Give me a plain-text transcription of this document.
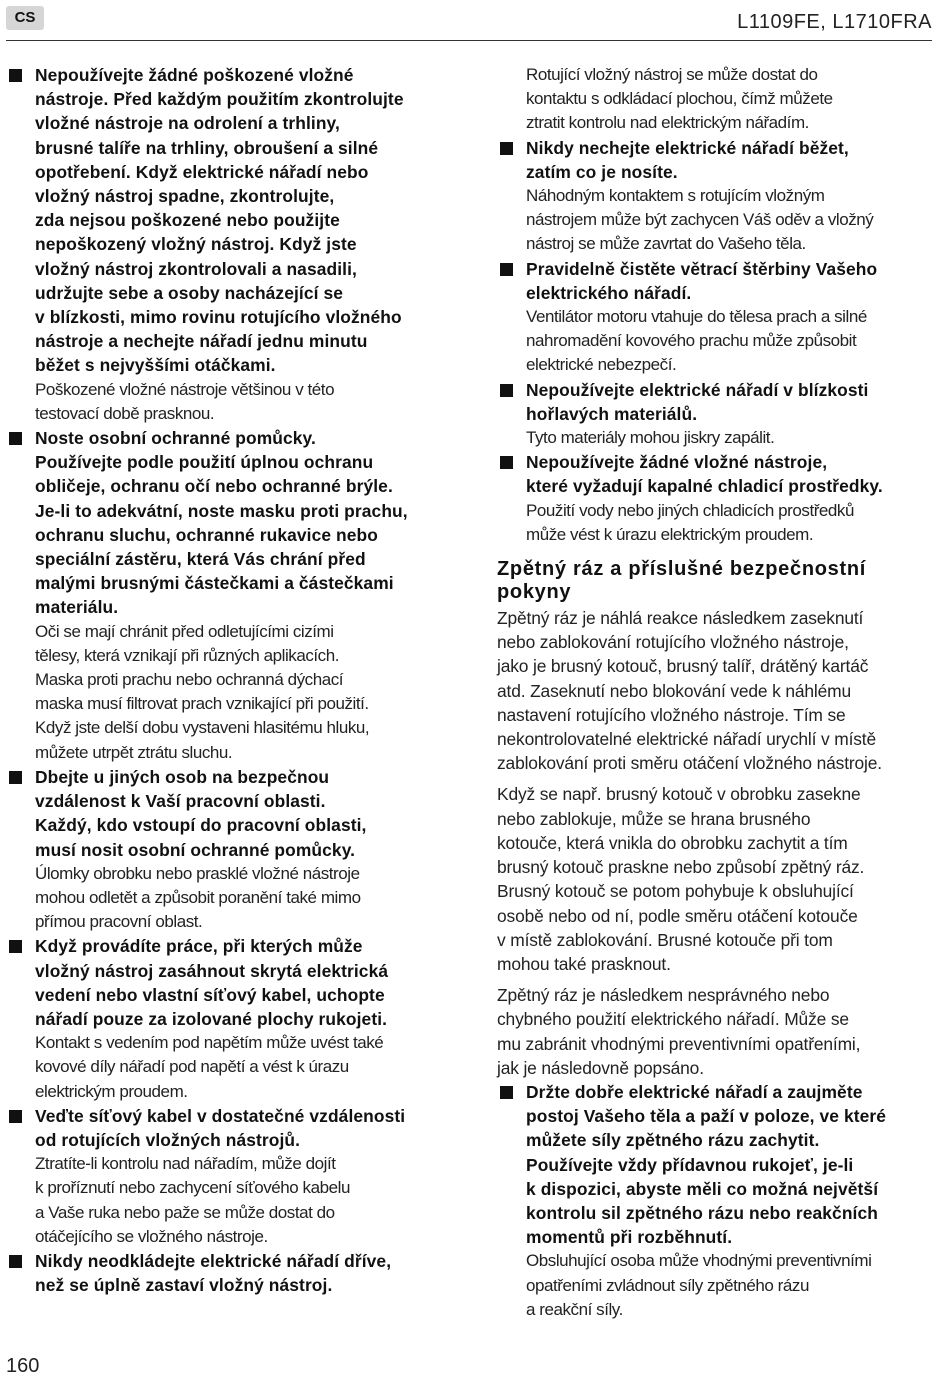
CS	L1109FE, L1710FRA
Nepoužívejte žádné poškozené vložné
nástroje. Před každým použitím zkontrolujte
vložné nástroje na odrolení a trhliny,
brusné talíře na trhliny, obroušení a silné
opotřebení. Když elektrické nářadí nebo
vložný nástroj spadne, zkontrolujte,
zda nejsou poškozené nebo použijte
nepoškozený vložný nástroj. Když jste
vložný nástroj zkontrolovali a nasadili,
udržujte sebe a osoby nacházející se
v blízkosti, mimo rovinu rotujícího vložného
nástroje a nechejte nářadí jednu minutu
běžet s nejvyššími otáčkami.
Poškozené vložné nástroje většinou v této
testovací době prasknou.
Noste osobní ochranné pomůcky.
Používejte podle použití úplnou ochranu
obličeje, ochranu očí nebo ochranné brýle.
Je-li to adekvátní, noste masku proti prachu,
ochranu sluchu, ochranné rukavice nebo
speciální zástěru, která Vás chrání před
malými brusnými částečkami a částečkami
materiálu.
Oči se mají chránit před odletujícími cizími
tělesy, která vznikají při různých aplikacích.
Maska proti prachu nebo ochranná dýchací
maska musí filtrovat prach vznikající při použití.
Když jste delší dobu vystaveni hlasitému hluku,
můžete utrpět ztrátu sluchu.
Dbejte u jiných osob na bezpečnou
vzdálenost k Vaší pracovní oblasti.
Každý, kdo vstoupí do pracovní oblasti,
musí nosit osobní ochranné pomůcky.
Úlomky obrobku nebo prasklé vložné nástroje
mohou odletět a způsobit poranění také mimo
přímou pracovní oblast.
Když provádíte práce, při kterých může
vložný nástroj zasáhnout skrytá elektrická
vedení nebo vlastní síťový kabel, uchopte
nářadí pouze za izolované plochy rukojeti.
Kontakt s vedením pod napětím může uvést také
kovové díly nářadí pod napětí a vést k úrazu
elektrickým proudem.
Veďte síťový kabel v dostatečné vzdálenosti
od rotujících vložných nástrojů.
Ztratíte-li kontrolu nad nářadím, může dojít
k proříznutí nebo zachycení síťového kabelu
a Vaše ruka nebo paže se může dostat do
otáčejícího se vložného nástroje.
Nikdy neodkládejte elektrické nářadí dříve,
než se úplně zastaví vložný nástroj.
Rotující vložný nástroj se může dostat do
kontaktu s odkládací plochou, čímž můžete
ztratit kontrolu nad elektrickým nářadím.
Nikdy nechejte elektrické nářadí běžet,
zatím co je nosíte.
Náhodným kontaktem s rotujícím vložným
nástrojem může být zachycen Váš oděv a vložný
nástroj se může zavrtat do Vašeho těla.
Pravidelně čistěte větrací štěrbiny Vašeho
elektrického nářadí.
Ventilátor motoru vtahuje do tělesa prach a silné
nahromadění kovového prachu může způsobit
elektrické nebezpečí.
Nepoužívejte elektrické nářadí v blízkosti
hořlavých materiálů.
Tyto materiály mohou jiskry zapálit.
Nepoužívejte žádné vložné nástroje,
které vyžadují kapalné chladicí prostředky.
Použití vody nebo jiných chladicích prostředků
může vést k úrazu elektrickým proudem.
Zpětný ráz a příslušné bezpečnostní
pokyny
Zpětný ráz je náhlá reakce následkem zaseknutí
nebo zablokování rotujícího vložného nástroje,
jako je brusný kotouč, brusný talíř, drátěný kartáč
atd. Zaseknutí nebo blokování vede k náhlému
nastavení rotujícího vložného nástroje. Tím se
nekontrolovatelné elektrické nářadí urychlí v místě
zablokování proti směru otáčení vložného nástroje.
Když se např. brusný kotouč v obrobku zasekne
nebo zablokuje, může se hrana brusného
kotouče, která vnikla do obrobku zachytit a tím
brusný kotouč praskne nebo způsobí zpětný ráz.
Brusný kotouč se potom pohybuje k obsluhující
osobě nebo od ní, podle směru otáčení kotouče
v místě zablokování. Brusné kotouče při tom
mohou také prasknout.
Zpětný ráz je následkem nesprávného nebo
chybného použití elektrického nářadí. Může se
mu zabránit vhodnými preventivními opatřeními,
jak je následovně popsáno.
Držte dobře elektrické nářadí a zaujměte
postoj Vašeho těla a paží v poloze, ve které
můžete síly zpětného rázu zachytit.
Používejte vždy přídavnou rukojeť, je-li
k dispozici, abyste měli co možná největší
kontrolu sil zpětného rázu nebo reakčních
momentů při rozběhnutí.
Obsluhující osoba může vhodnými preventivními
opatřeními zvládnout síly zpětného rázu
a reakční síly.
160
